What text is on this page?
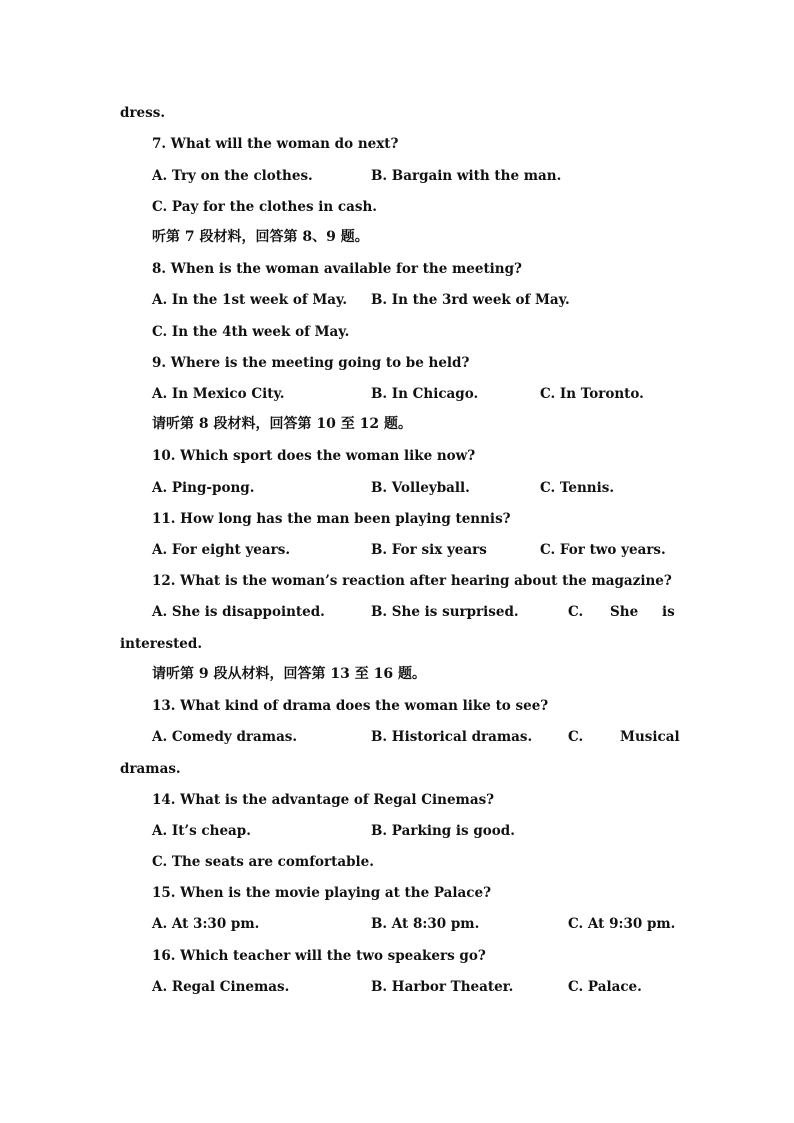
dress.
7. What will the woman do next?
A. Try on the clothes.	B. Bargain with the man.
C. Pay for the clothes in cash.
听第 7 段材料，回答第 8、9 题。
8. When is the woman available for the meeting?
A. In the 1st week of May. B. In the 3rd week of May.
C. In the 4th week of May.
9. Where is the meeting going to be held?
A. In Mexico City.	B. In Chicago.	C. In Toronto.
请听第 8 段材料，回答第 10 至 12 题。
10. Which sport does the woman like now?
A. Ping-pong.	B. Volleyball.	C. Tennis.
11. How long has the man been playing tennis?
A. For eight years.	B. For six years	C. For two years.
12. What is the woman’s reaction after hearing about the magazine?
A. She is disappointed.	B. She is surprised.	C. She is
interested.
请听第 9 段从材料，回答第 13 至 16 题。
13. What kind of drama does the woman like to see?
A. Comedy dramas.	B. Historical dramas.	C.	Musical
dramas.
14. What is the advantage of Regal Cinemas?
A. It’s cheap.	B. Parking is good.
C. The seats are comfortable.
15. When is the movie playing at the Palace?
A. At 3:30 pm.	B. At 8:30 pm.	C. At 9:30 pm.
16. Which teacher will the two speakers go?
A. Regal Cinemas.	B. Harbor Theater.	C. Palace.
